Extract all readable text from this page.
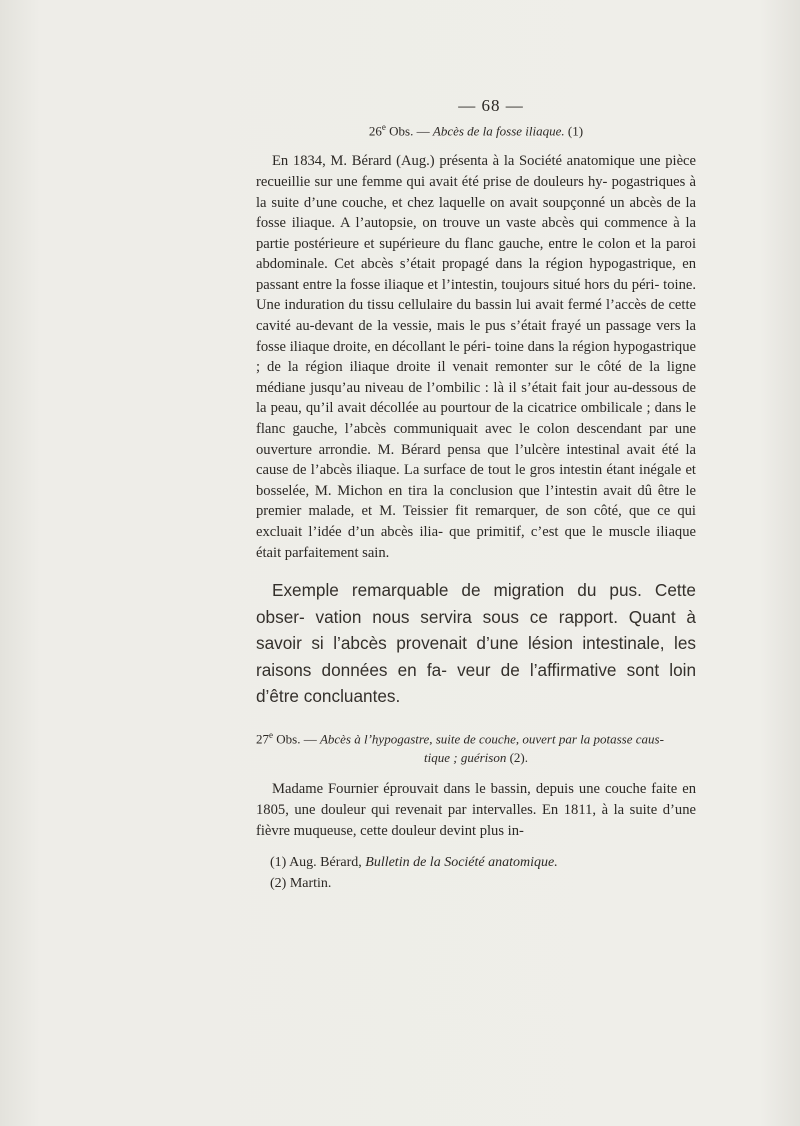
— 68 —
26e Obs. — Abcès de la fosse iliaque. (1)

En 1834, M. Bérard (Aug.) présenta à la Société anatomique une pièce recueillie sur une femme qui avait été prise de douleurs hy- pogastriques à la suite d’une couche, et chez laquelle on avait soupçonné un abcès de la fosse iliaque. A l’autopsie, on trouve un vaste abcès qui commence à la partie postérieure et supérieure du flanc gauche, entre le colon et la paroi abdominale. Cet abcès s’était propagé dans la région hypogastrique, en passant entre la fosse iliaque et l’intestin, toujours situé hors du péri- toine. Une induration du tissu cellulaire du bassin lui avait fermé l’accès de cette cavité au-devant de la vessie, mais le pus s’était frayé un passage vers la fosse iliaque droite, en décollant le péri- toine dans la région hypogastrique ; de la région iliaque droite il venait remonter sur le côté de la ligne médiane jusqu’au niveau de l’ombilic : là il s’était fait jour au-dessous de la peau, qu’il avait décollée au pourtour de la cicatrice ombilicale ; dans le flanc gauche, l’abcès communiquait avec le colon descendant par une ouverture arrondie. M. Bérard pensa que l’ulcère intestinal avait été la cause de l’abcès iliaque. La surface de tout le gros intestin étant inégale et bosselée, M. Michon en tira la conclusion que l’intestin avait dû être le premier malade, et M. Teissier fit remarquer, de son côté, que ce qui excluait l’idée d’un abcès ilia- que primitif, c’est que le muscle iliaque était parfaitement sain.

Exemple remarquable de migration du pus. Cette obser- vation nous servira sous ce rapport. Quant à savoir si l’abcès provenait d’une lésion intestinale, les raisons données en fa- veur de l’affirmative sont loin d’être concluantes.

27e Obs. — Abcès à l’hypogastre, suite de couche, ouvert par la potasse caus-
tique ; guérison (2).

Madame Fournier éprouvait dans le bassin, depuis une couche faite en 1805, une douleur qui revenait par intervalles. En 1811, à la suite d’une fièvre muqueuse, cette douleur devint plus in-

(1) Aug. Bérard, Bulletin de la Société anatomique.

(2) Martin.
